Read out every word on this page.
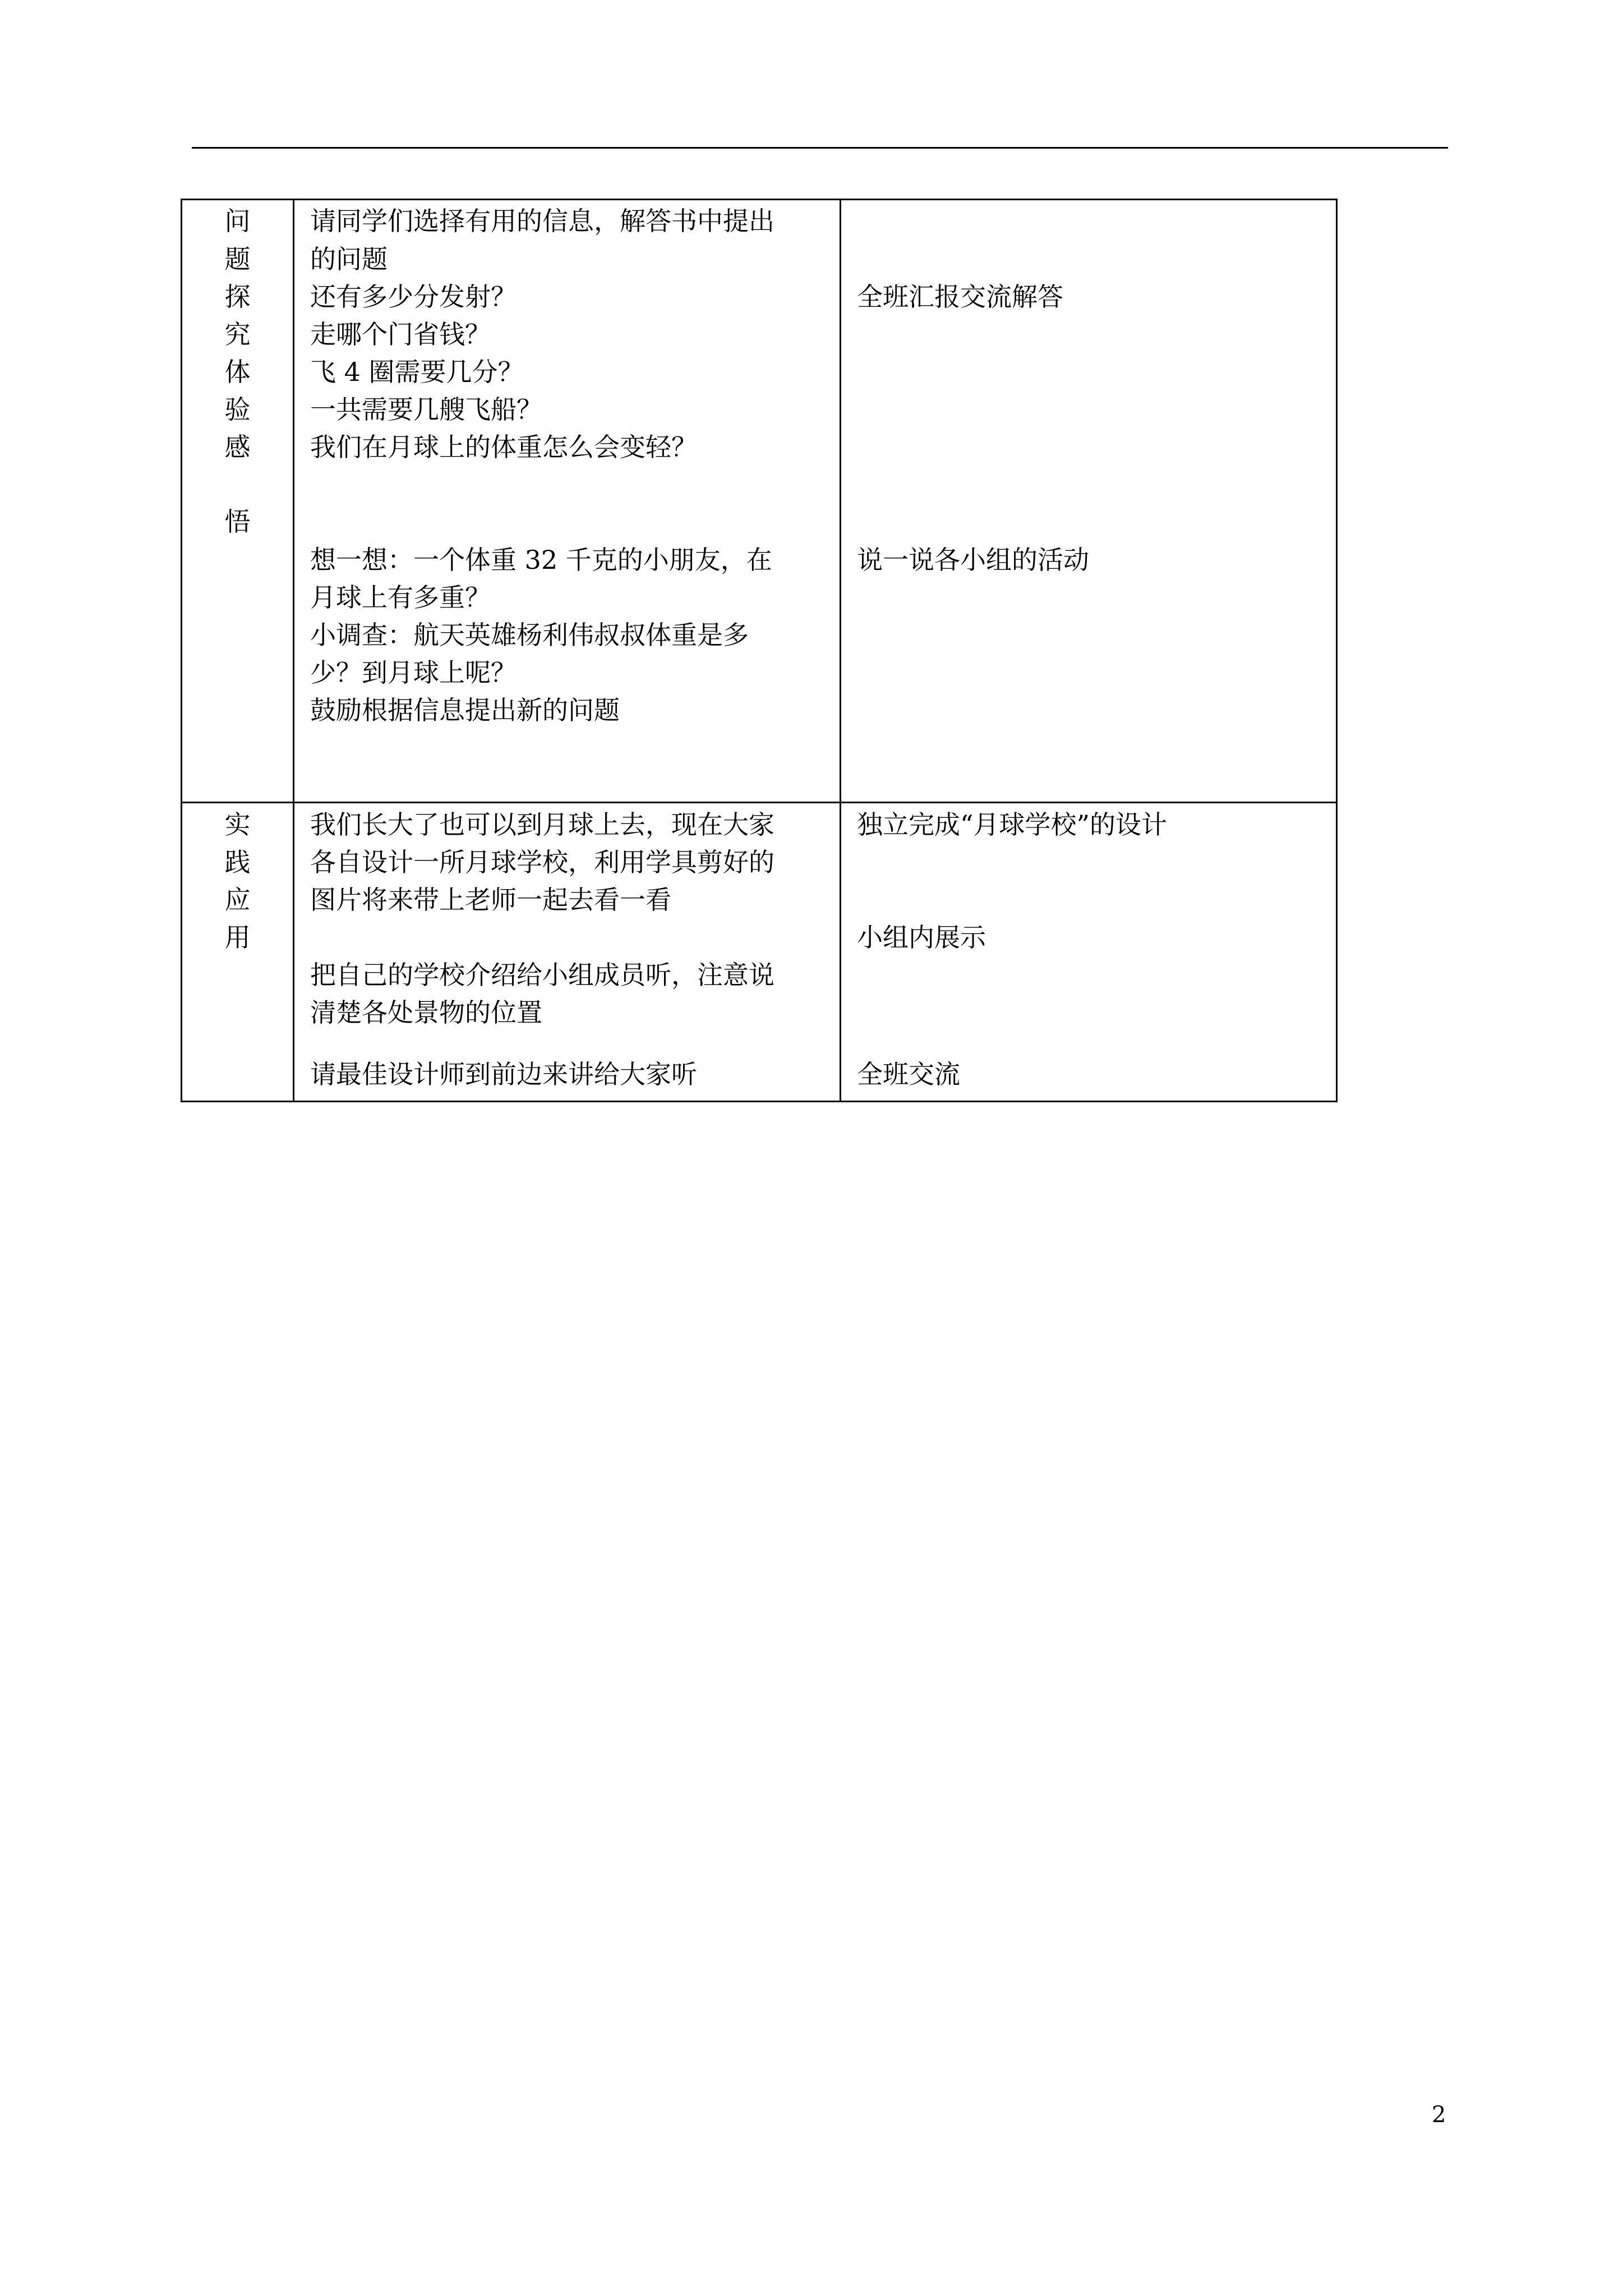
问
题
探
究
体
验
感
悟
请同学们选择有用的信息，解答书中提出
的问题
还有多少分发射？
走哪个门省钱？
飞 4 圈需要几分？
一共需要几艘飞船？
我们在月球上的体重怎么会变轻？
想一想：一个体重 32 千克的小朋友，在
月球上有多重？
小调查：航天英雄杨利伟叔叔体重是多
少？到月球上呢？
鼓励根据信息提出新的问题
全班汇报交流解答
说一说各小组的活动
实
践
应
用
我们长大了也可以到月球上去，现在大家
各自设计一所月球学校，利用学具剪好的
图片将来带上老师一起去看一看
把自己的学校介绍给小组成员听，注意说
清楚各处景物的位置
请最佳设计师到前边来讲给大家听
独立完成“月球学校”的设计
小组内展示
全班交流
2
